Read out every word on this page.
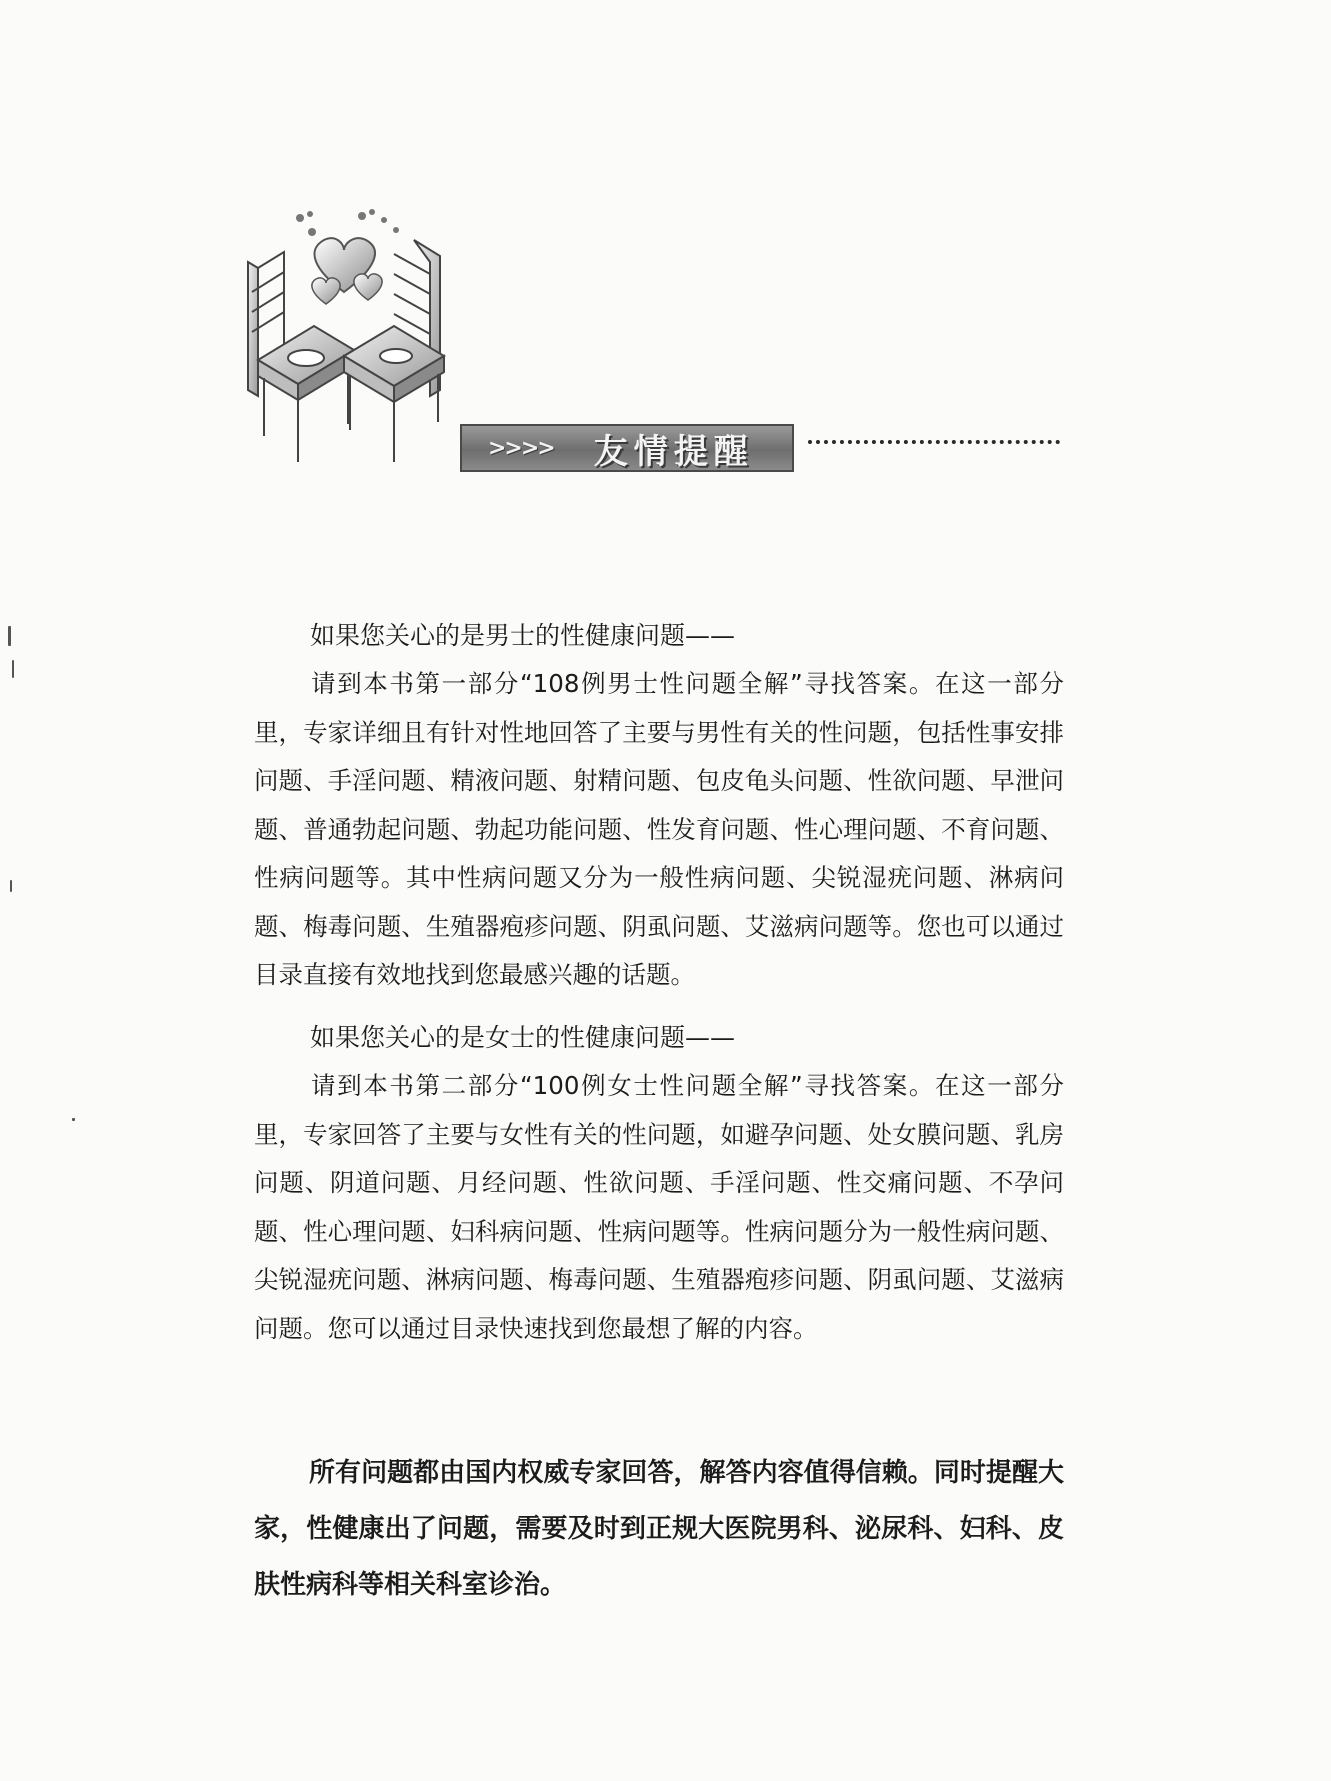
>>>> 友情提醒

如果您关心的是男士的性健康问题——

请到本书第一部分“108例男士性问题全解”寻找答案。在这一部分里，专家详细且有针对性地回答了主要与男性有关的性问题，包括性事安排问题、手淫问题、精液问题、射精问题、包皮龟头问题、性欲问题、早泄问题、普通勃起问题、勃起功能问题、性发育问题、性心理问题、不育问题、性病问题等。其中性病问题又分为一般性病问题、尖锐湿疣问题、淋病问题、梅毒问题、生殖器疱疹问题、阴虱问题、艾滋病问题等。您也可以通过目录直接有效地找到您最感兴趣的话题。

如果您关心的是女士的性健康问题——

请到本书第二部分“100例女士性问题全解”寻找答案。在这一部分里，专家回答了主要与女性有关的性问题，如避孕问题、处女膜问题、乳房问题、阴道问题、月经问题、性欲问题、手淫问题、性交痛问题、不孕问题、性心理问题、妇科病问题、性病问题等。性病问题分为一般性病问题、尖锐湿疣问题、淋病问题、梅毒问题、生殖器疱疹问题、阴虱问题、艾滋病问题。您可以通过目录快速找到您最想了解的内容。

所有问题都由国内权威专家回答，解答内容值得信赖。同时提醒大家，性健康出了问题，需要及时到正规大医院男科、泌尿科、妇科、皮肤性病科等相关科室诊治。
